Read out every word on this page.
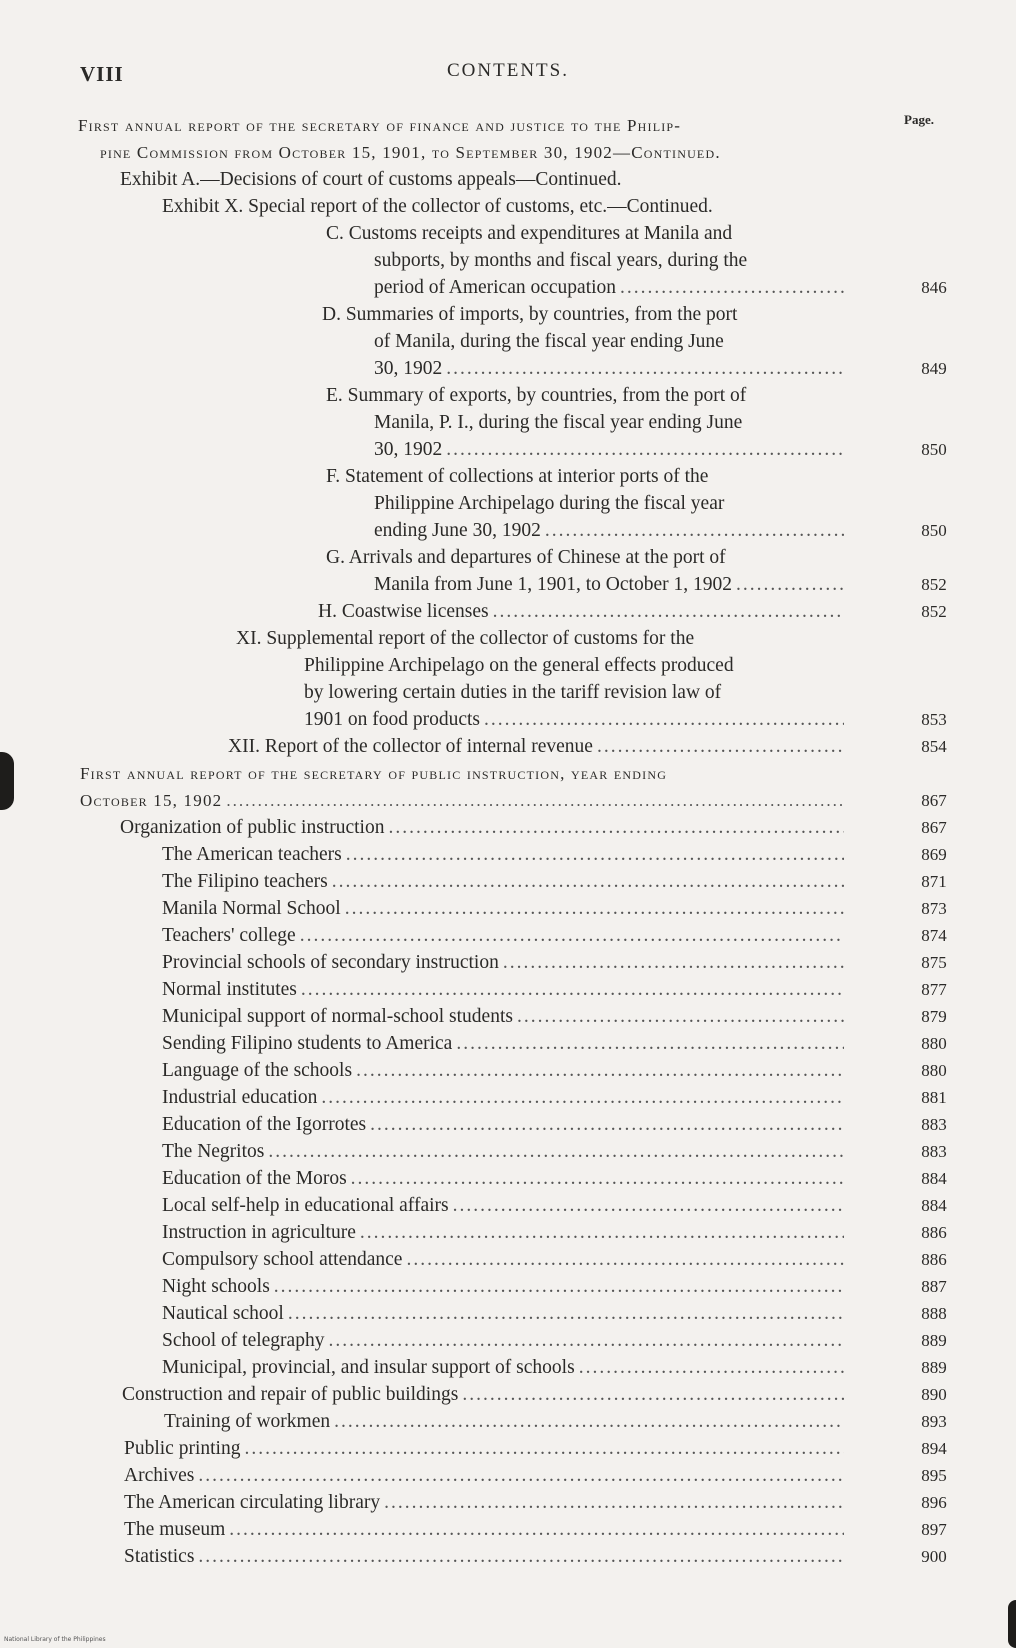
VIII	CONTENTS.
Page.
First annual report of the secretary of finance and justice to the Philip-
pine Commission from October 15, 1901, to September 30, 1902—Continued.
Exhibit A.—Decisions of court of customs appeals—Continued.
Exhibit X. Special report of the collector of customs, etc.—Continued.
C. Customs receipts and expenditures at Manila and
subports, by months and fiscal years, during the
period of American occupation .....	846
D. Summaries of imports, by countries, from the port
of Manila, during the fiscal year ending June
30, 1902 .....	849
E. Summary of exports, by countries, from the port of
Manila, P. I., during the fiscal year ending June
30, 1902 .....	850
F. Statement of collections at interior ports of the
Philippine Archipelago during the fiscal year
ending June 30, 1902 .....	850
G. Arrivals and departures of Chinese at the port of
Manila from June 1, 1901, to October 1, 1902 .....	852
H. Coastwise licenses .....	852
XI. Supplemental report of the collector of customs for the
Philippine Archipelago on the general effects produced
by lowering certain duties in the tariff revision law of
1901 on food products .....	853
XII. Report of the collector of internal revenue .....	854
First annual report of the secretary of public instruction, year ending
October 15, 1902 .....	867
Organization of public instruction .....	867
The American teachers .....	869
The Filipino teachers .....	871
Manila Normal School .....	873
Teachers' college .....	874
Provincial schools of secondary instruction .....	875
Normal institutes .....	877
Municipal support of normal-school students .....	879
Sending Filipino students to America .....	880
Language of the schools .....	880
Industrial education .....	881
Education of the Igorrotes .....	883
The Negritos .....	883
Education of the Moros .....	884
Local self-help in educational affairs .....	884
Instruction in agriculture .....	886
Compulsory school attendance .....	886
Night schools .....	887
Nautical school .....	888
School of telegraphy .....	889
Municipal, provincial, and insular support of schools .....	889
Construction and repair of public buildings .....	890
Training of workmen .....	893
Public printing .....	894
Archives .....	895
The American circulating library .....	896
The museum .....	897
Statistics .....	900
National Library of the Philippines
